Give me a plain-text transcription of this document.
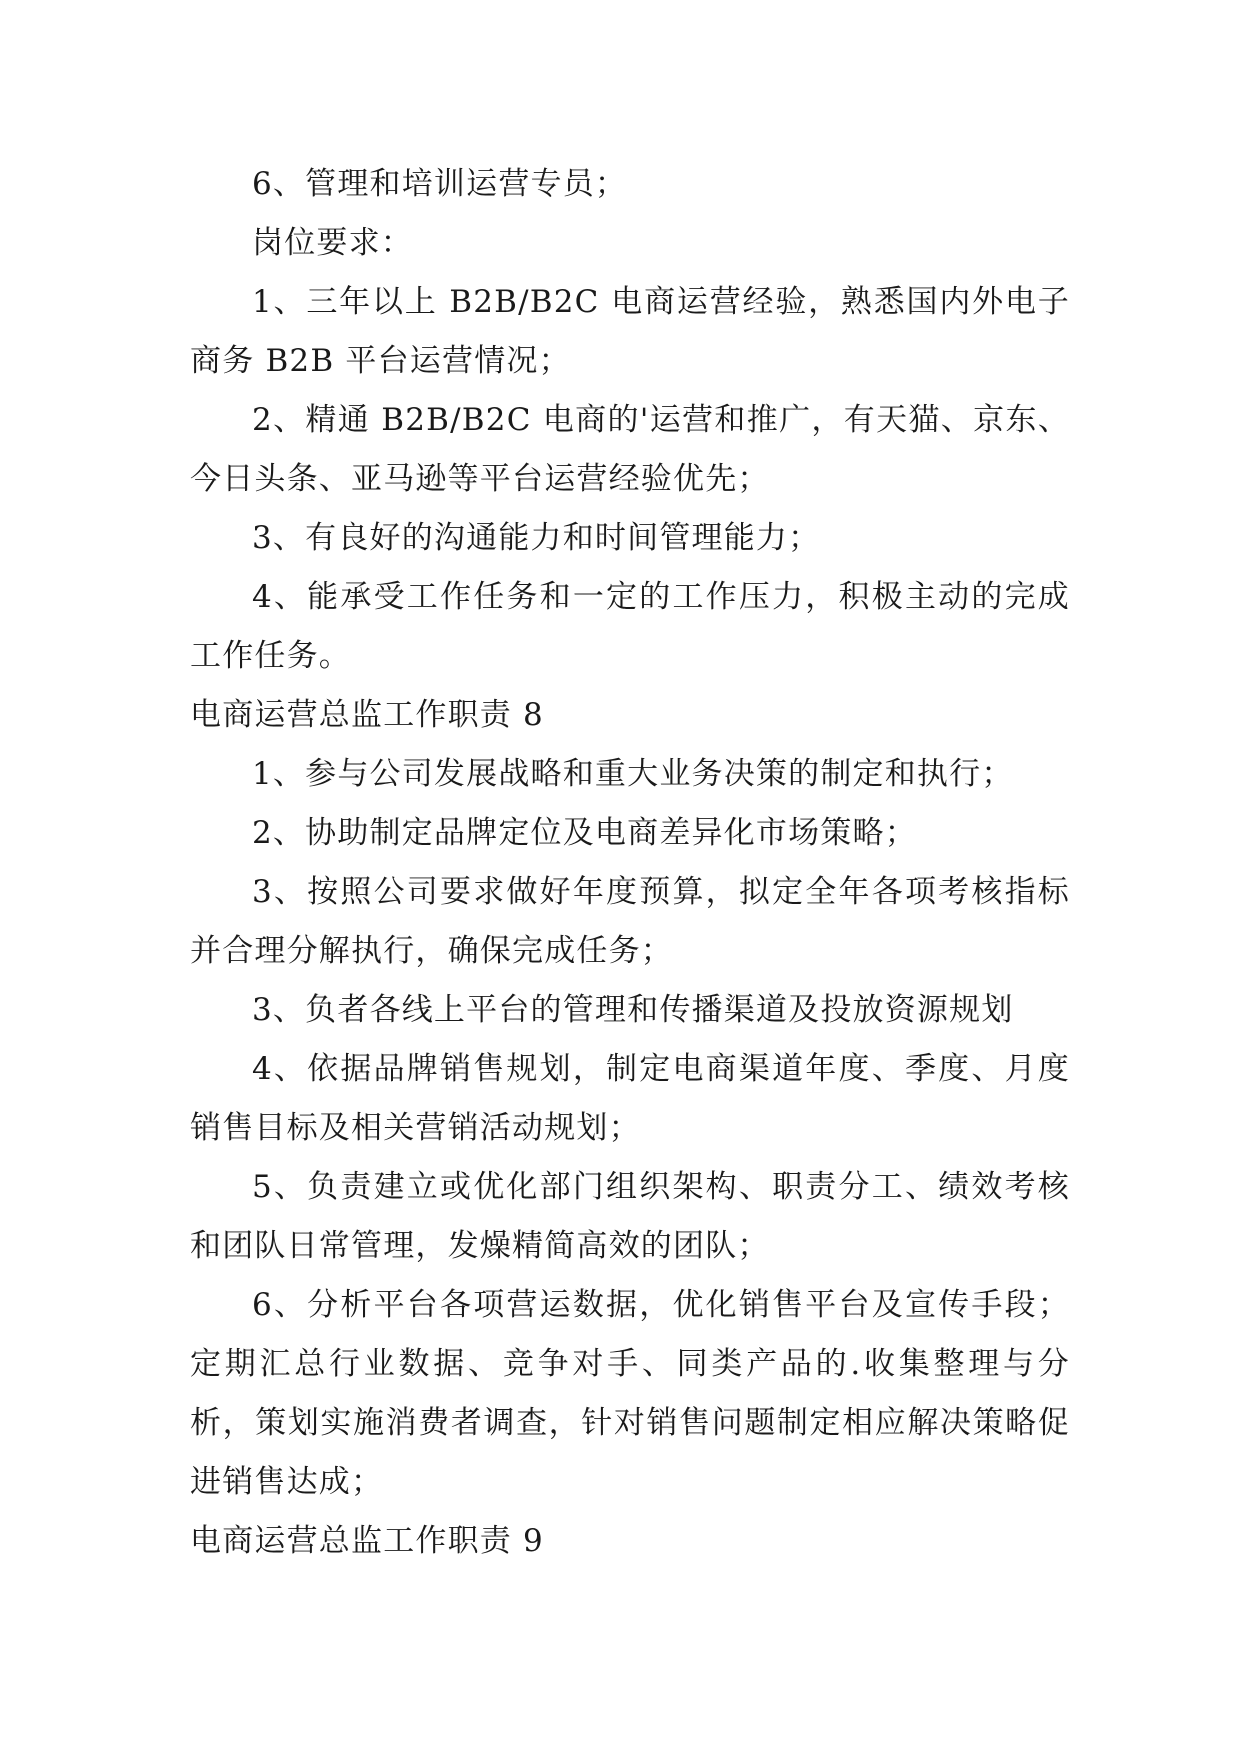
6、管理和培训运营专员；

岗位要求：

1、三年以上 B2B/B2C 电商运营经验，熟悉国内外电子商务 B2B 平台运营情况；

2、精通 B2B/B2C 电商的'运营和推广，有天猫、京东、今日头条、亚马逊等平台运营经验优先；

3、有良好的沟通能力和时间管理能力；

4、能承受工作任务和一定的工作压力，积极主动的完成工作任务。

电商运营总监工作职责 8

1、参与公司发展战略和重大业务决策的制定和执行；

2、协助制定品牌定位及电商差异化市场策略；

3、按照公司要求做好年度预算，拟定全年各项考核指标并合理分解执行，确保完成任务；

3、负者各线上平台的管理和传播渠道及投放资源规划

4、依据品牌销售规划，制定电商渠道年度、季度、月度销售目标及相关营销活动规划；

5、负责建立或优化部门组织架构、职责分工、绩效考核和团队日常管理，发燥精简高效的团队；

6、分析平台各项营运数据，优化销售平台及宣传手段；定期汇总行业数据、竞争对手、同类产品的.收集整理与分析，策划实施消费者调查，针对销售问题制定相应解决策略促进销售达成；

电商运营总监工作职责 9
